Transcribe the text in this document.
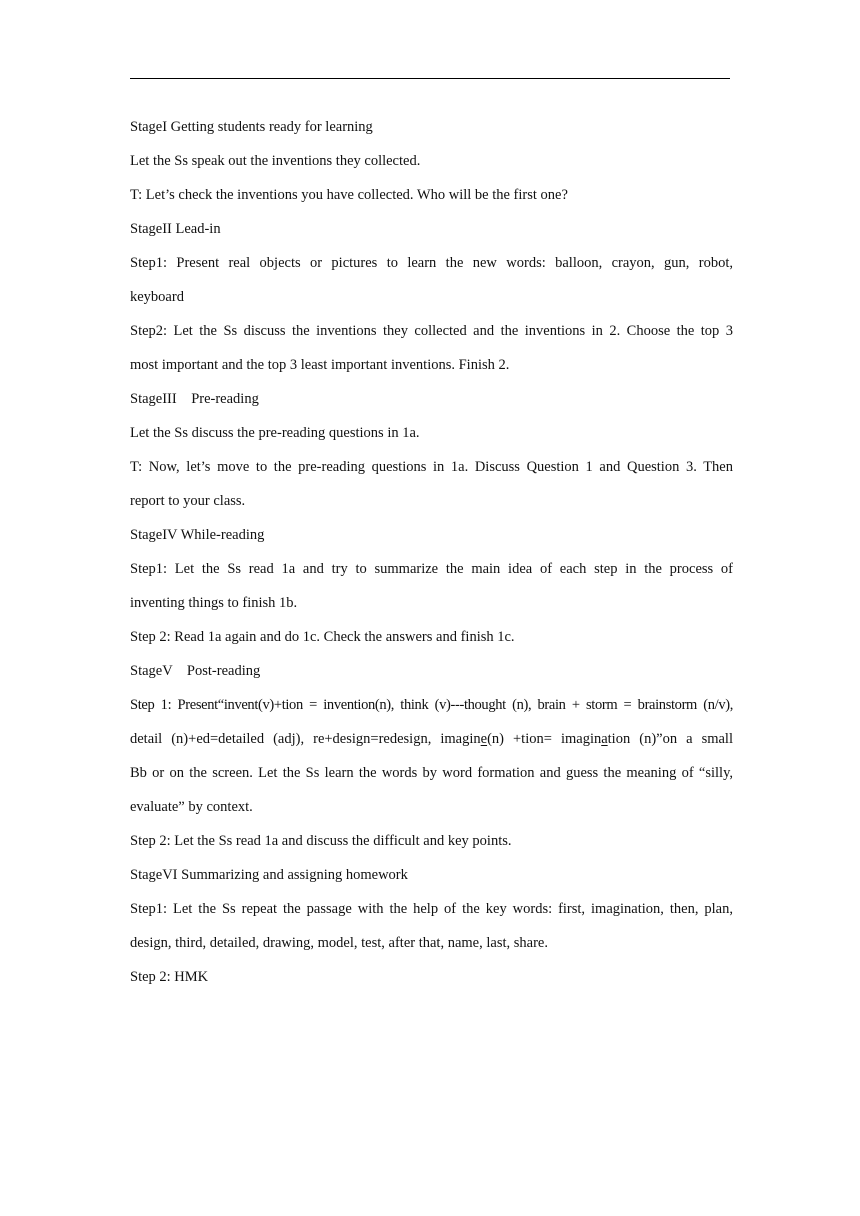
StageI Getting students ready for learning

Let the Ss speak out the inventions they collected.

T: Let’s check the inventions you have collected. Who will be the first one?

StageII Lead-in

Step1: Present real objects or pictures to learn the new words: balloon, crayon, gun, robot,

keyboard

Step2: Let the Ss discuss the inventions they collected and the inventions in 2. Choose the top 3

most important and the top 3 least important inventions. Finish 2.

StageIII    Pre-reading

Let the Ss discuss the pre-reading questions in 1a.

T: Now, let’s move to the pre-reading questions in 1a. Discuss Question 1 and Question 3. Then

report to your class.

StageIV While-reading

Step1: Let the Ss read 1a and try to summarize the main idea of each step in the process of

inventing things to finish 1b.

Step 2: Read 1a again and do 1c. Check the answers and finish 1c.

StageV    Post-reading

Step 1: Present“invent(v)+tion = invention(n), think (v)---thought (n), brain + storm = brainstorm (n/v),

detail (n)+ed=detailed (adj), re+design=redesign, imagine(n) +tion= imagination (n)”on a small

Bb or on the screen. Let the Ss learn the words by word formation and guess the meaning of “silly,

evaluate” by context.

Step 2: Let the Ss read 1a and discuss the difficult and key points.

StageVI Summarizing and assigning homework

Step1: Let the Ss repeat the passage with the help of the key words: first, imagination, then, plan,

design, third, detailed, drawing, model, test, after that, name, last, share.

Step 2: HMK
